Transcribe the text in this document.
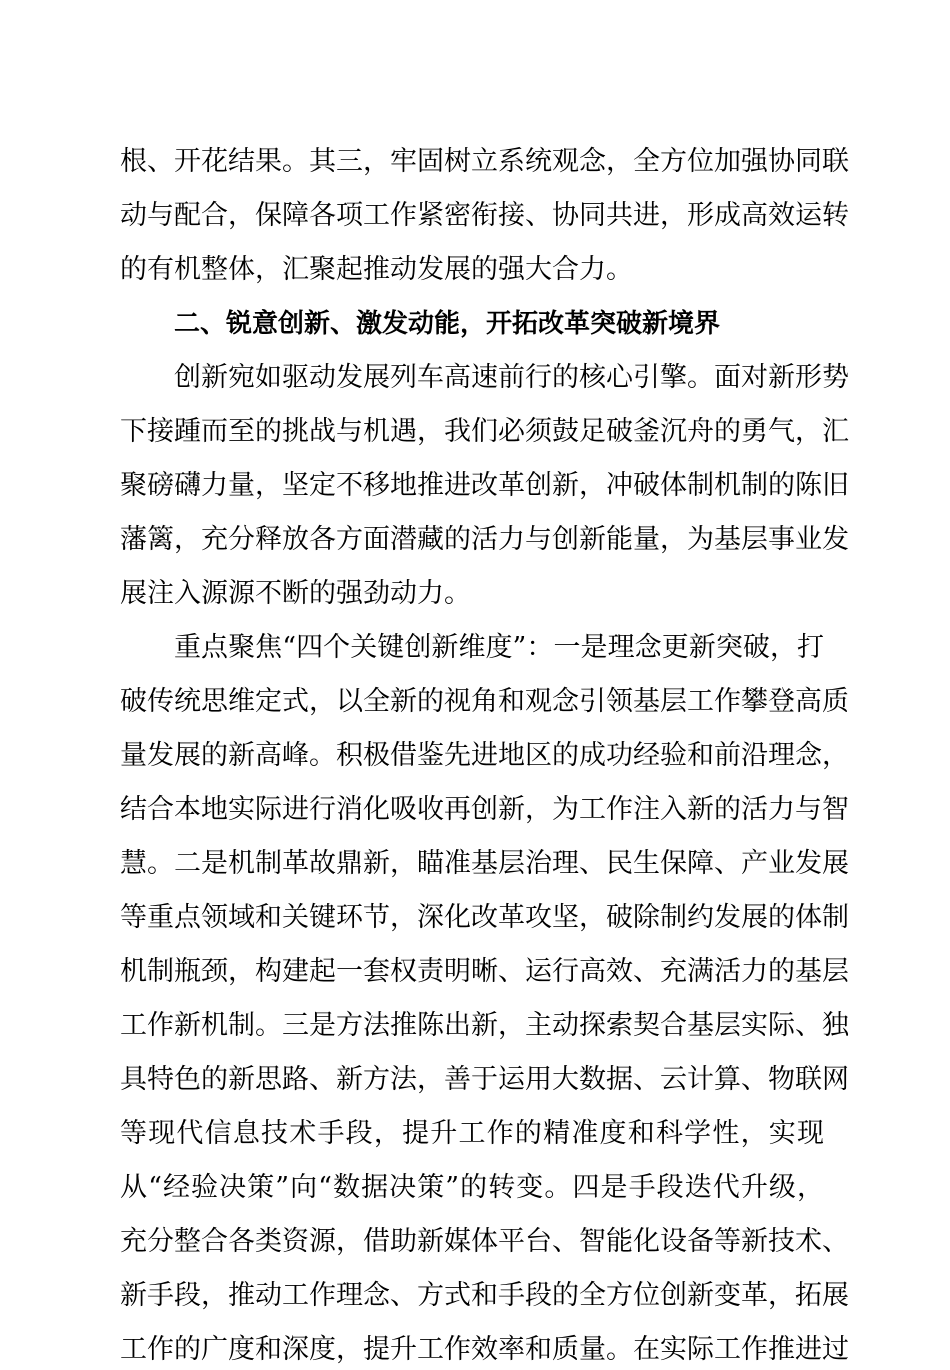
根、开花结果。其三，牢固树立系统观念，全方位加强协同联
动与配合，保障各项工作紧密衔接、协同共进，形成高效运转
的有机整体，汇聚起推动发展的强大合力。
二、锐意创新、激发动能，开拓改革突破新境界
创新宛如驱动发展列车高速前行的核心引擎。面对新形势
下接踵而至的挑战与机遇，我们必须鼓足破釜沉舟的勇气，汇
聚磅礴力量，坚定不移地推进改革创新，冲破体制机制的陈旧
藩篱，充分释放各方面潜藏的活力与创新能量，为基层事业发
展注入源源不断的强劲动力。
重点聚焦“四个关键创新维度”：一是理念更新突破，打
破传统思维定式，以全新的视角和观念引领基层工作攀登高质
量发展的新高峰。积极借鉴先进地区的成功经验和前沿理念，
结合本地实际进行消化吸收再创新，为工作注入新的活力与智
慧。二是机制革故鼎新，瞄准基层治理、民生保障、产业发展
等重点领域和关键环节，深化改革攻坚，破除制约发展的体制
机制瓶颈，构建起一套权责明晰、运行高效、充满活力的基层
工作新机制。三是方法推陈出新，主动探索契合基层实际、独
具特色的新思路、新方法，善于运用大数据、云计算、物联网
等现代信息技术手段，提升工作的精准度和科学性，实现
从“经验决策”向“数据决策”的转变。四是手段迭代升级，
充分整合各类资源，借助新媒体平台、智能化设备等新技术、
新手段，推动工作理念、方式和手段的全方位创新变革，拓展
工作的广度和深度，提升工作效率和质量。在实际工作推进过
